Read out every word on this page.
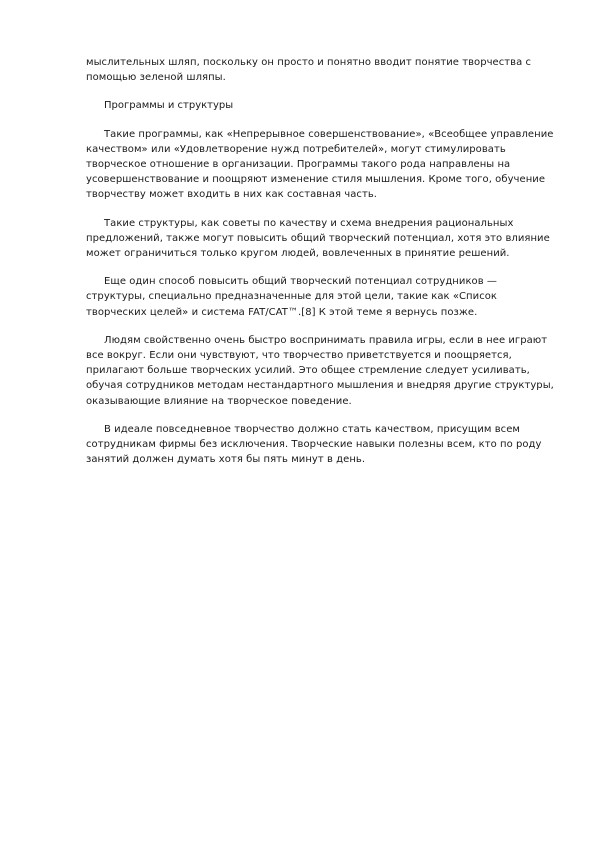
мыслительных шляп, поскольку он просто и понятно вводит понятие творчества с помощью зеленой шляпы.

Программы и структуры

Такие программы, как «Непрерывное совершенствование», «Всеобщее управление качеством» или «Удовлетворение нужд потребителей», могут стимулировать творческое отношение в организации. Программы такого рода направлены на усовершенствование и поощряют изменение стиля мышления. Кроме того, обучение творчеству может входить в них как составная часть.

Такие структуры, как советы по качеству и схема внедрения рациональных предложений, также могут повысить общий творческий потенциал, хотя это влияние может ограничиться только кругом людей, вовлеченных в принятие решений.

Еще один способ повысить общий творческий потенциал сотрудников — структуры, специально предназначенные для этой цели, такие как «Список творческих целей» и система FAT/CAT™.[8] К этой теме я вернусь позже.

Людям свойственно очень быстро воспринимать правила игры, если в нее играют все вокруг. Если они чувствуют, что творчество приветствуется и поощряется, прилагают больше творческих усилий. Это общее стремление следует усиливать, обучая сотрудников методам нестандартного мышления и внедряя другие структуры, оказывающие влияние на творческое поведение.

В идеале повседневное творчество должно стать качеством, присущим всем сотрудникам фирмы без исключения. Творческие навыки полезны всем, кто по роду занятий должен думать хотя бы пять минут в день.
